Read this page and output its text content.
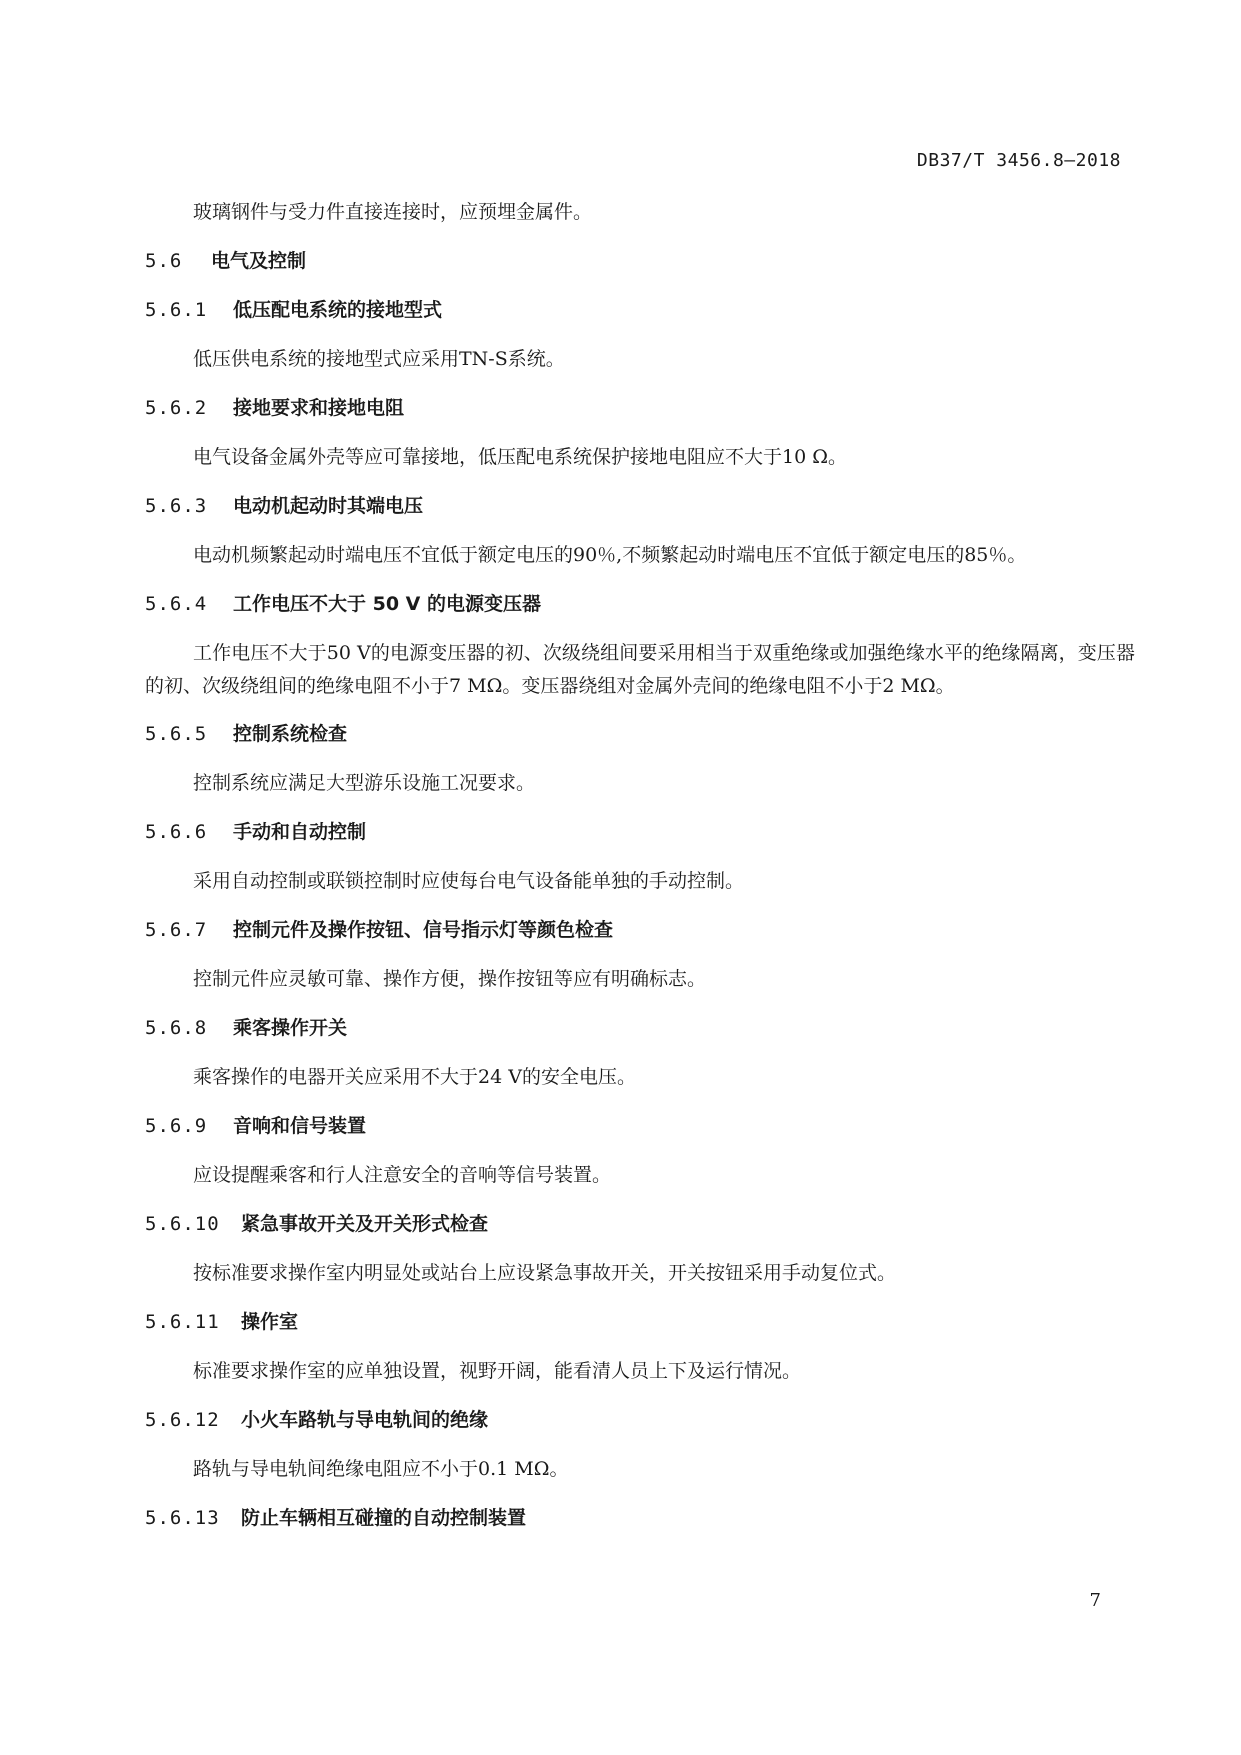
DB37/T 3456.8—2018

玻璃钢件与受力件直接连接时，应预埋金属件。

5.6	电气及控制
5.6.1	低压配电系统的接地型式

低压供电系统的接地型式应采用TN-S系统。

5.6.2	接地要求和接地电阻

电气设备金属外壳等应可靠接地，低压配电系统保护接地电阻应不大于10 Ω。

5.6.3	电动机起动时其端电压

电动机频繁起动时端电压不宜低于额定电压的90％,不频繁起动时端电压不宜低于额定电压的85％。

5.6.4	工作电压不大于 50 V 的电源变压器

工作电压不大于50 V的电源变压器的初、次级绕组间要采用相当于双重绝缘或加强绝缘水平的绝缘隔离，变压器的初、次级绕组间的绝缘电阻不小于7 MΩ。变压器绕组对金属外壳间的绝缘电阻不小于2 MΩ。

5.6.5	控制系统检查

控制系统应满足大型游乐设施工况要求。

5.6.6	手动和自动控制

采用自动控制或联锁控制时应使每台电气设备能单独的手动控制。

5.6.7	控制元件及操作按钮、信号指示灯等颜色检查

控制元件应灵敏可靠、操作方便，操作按钮等应有明确标志。

5.6.8	乘客操作开关

乘客操作的电器开关应采用不大于24 V的安全电压。

5.6.9	音响和信号装置

应设提醒乘客和行人注意安全的音响等信号装置。

5.6.10	紧急事故开关及开关形式检查

按标准要求操作室内明显处或站台上应设紧急事故开关，开关按钮采用手动复位式。

5.6.11	操作室

标准要求操作室的应单独设置，视野开阔，能看清人员上下及运行情况。

5.6.12	小火车路轨与导电轨间的绝缘

路轨与导电轨间绝缘电阻应不小于0.1 MΩ。

5.6.13	防止车辆相互碰撞的自动控制装置
7
